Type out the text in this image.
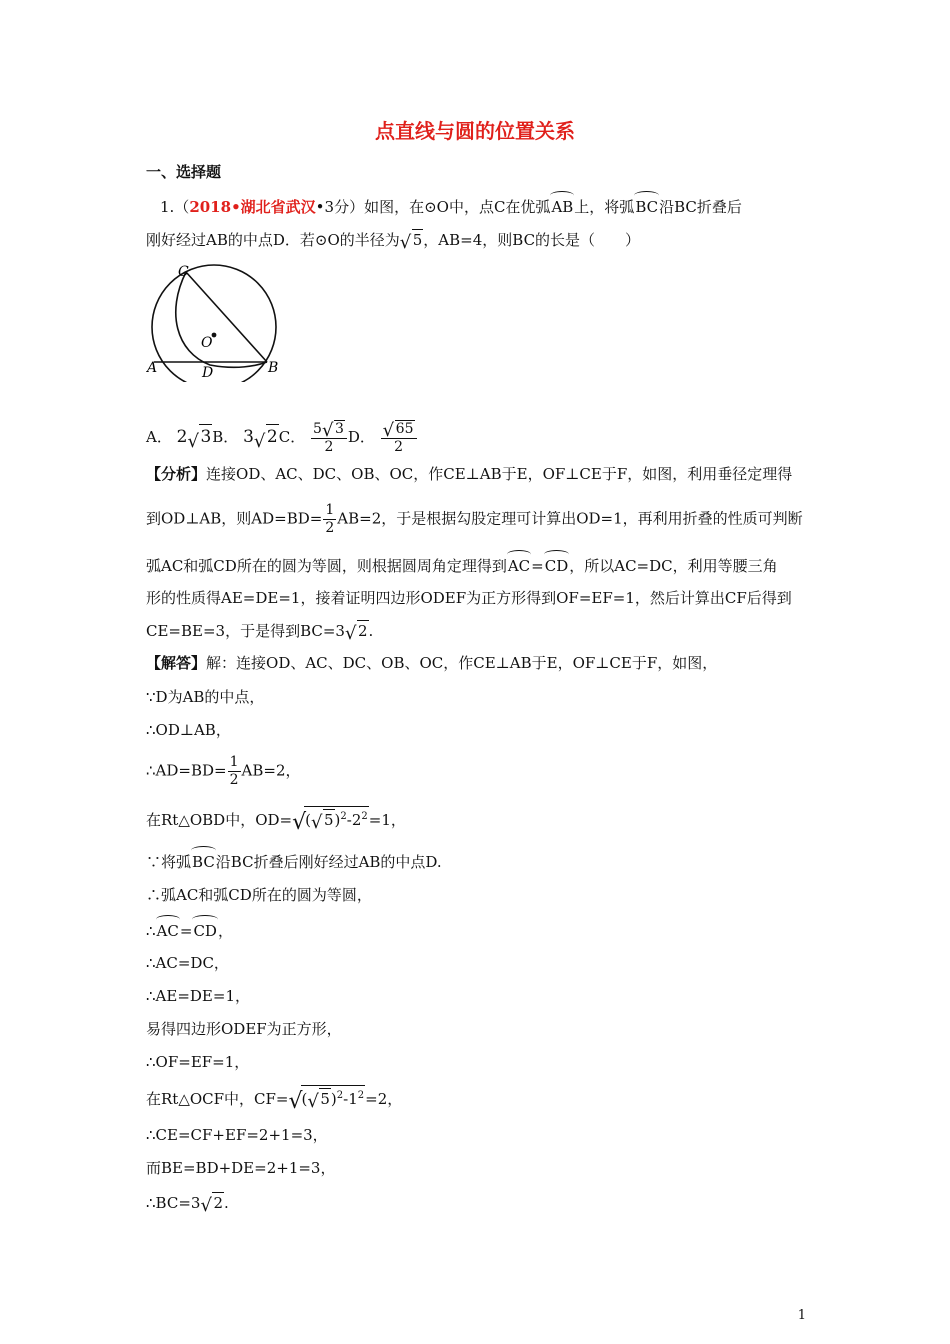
点直线与圆的位置关系
一、选择题
1.（2018•湖北省武汉•3分）如图，在⊙O中，点C在优弧AB上，将弧BC沿BC折叠后
刚好经过AB的中点D．若⊙O的半径为 √ 5，AB=4，则BC的长是（　　）
C
O
A	D	B
A． 2 √ 3B． 3 √ 2C． $\frac{5 √ 3}{2}$ D． $\frac{√ 65}{2}$
【分析】连接OD、AC、DC、OB、OC，作CE⊥AB于E，OF⊥CE于F，如图，利用垂径定理得
到OD⊥AB，则$AD=BD= \frac{1}{2} AB=2$，于是根据勾股定理可计算出OD=1，再利用折叠的性质可判断
弧AC和弧CD所在的圆为等圆，则根据圆周角定理得到AC=CD，所以AC=DC，利用等腰三角
形的性质得AE=DE=1，接着证明四边形ODEF为正方形得到OF=EF=1，然后计算出CF后得到
CE=BE=3，于是得到BC=3 √ 2.
【解答】解：连接OD、AC、DC、OB、OC，作CE⊥AB于E，OF⊥CE于F，如图，
∵D为AB的中点，
∴OD⊥AB，
∴AD=BD= $\frac{1}{2} AB=2$，
在Rt△OBD中，OD= √
( √ $5)^2-2^2=1$，
∵将弧BC沿BC折叠后刚好经过AB的中点D.
∴弧AC和弧CD所在的圆为等圆，
∴AC=CD，
∴AC=DC，
∴AE=DE=1，
易得四边形ODEF为正方形，
∴OF=EF=1，
在Rt△OCF中，CF= √
( √ $5)^2-1^2=2$，
∴CE=CF+EF=2+1=3，
而BE=BD+DE=2+1=3，
∴BC=3 √ 2.
1
